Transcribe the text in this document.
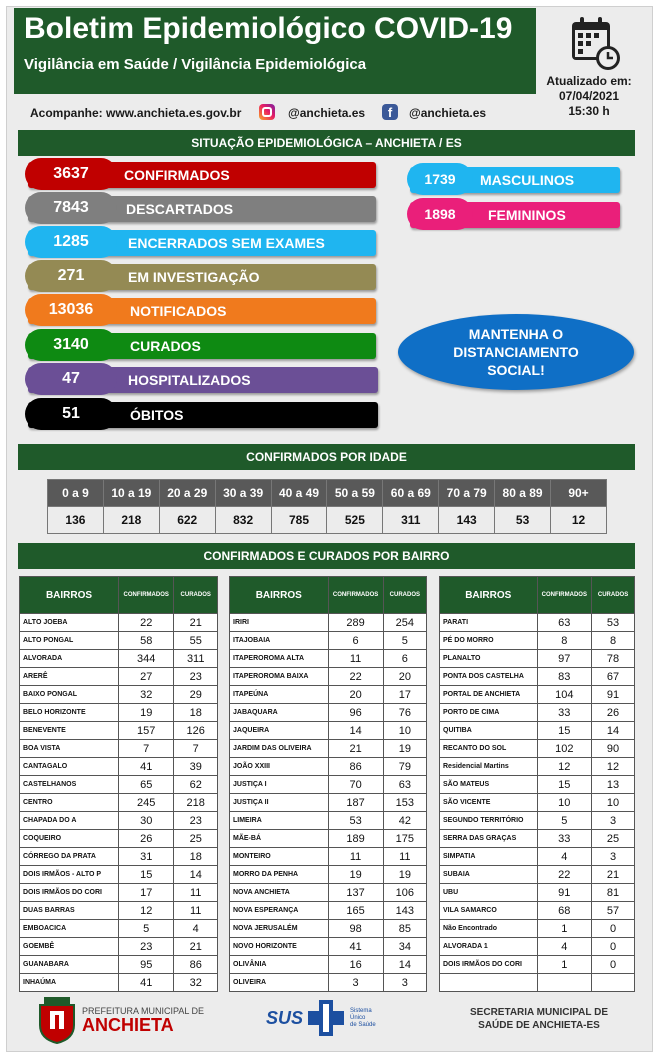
Boletim Epidemiológico COVID-19
Vigilância em Saúde / Vigilância Epidemiológica
Atualizado em:
07/04/2021
15:30 h
Acompanhe: www.anchieta.es.gov.br	@anchieta.es	f	@anchieta.es
SITUAÇÃO EPIDEMIOLÓGICA – ANCHIETA / ES
3637	CONFIRMADOS
7843	DESCARTADOS
1285	ENCERRADOS SEM EXAMES
271	EM INVESTIGAÇÃO
13036	NOTIFICADOS
3140	CURADOS
47	HOSPITALIZADOS
51	ÓBITOS
1739	MASCULINOS
1898	FEMININOS
MANTENHA O
DISTANCIAMENTO
SOCIAL!
CONFIRMADOS POR IDADE
0 a 9	10 a 19	20 a 29	30 a 39	40 a 49	50 a 59	60 a 69	70 a 79	80 a 89	90+
136	218	622	832	785	525	311	143	53	12
CONFIRMADOS E CURADOS POR BAIRRO
BAIRROS	CONFIRMADOS	CURADOS
ALTO JOEBA	22	21
ALTO PONGAL	58	55
ALVORADA	344	311
ARERÊ	27	23
BAIXO PONGAL	32	29
BELO HORIZONTE	19	18
BENEVENTE	157	126
BOA VISTA	7	7
CANTAGALO	41	39
CASTELHANOS	65	62
CENTRO	245	218
CHAPADA DO A	30	23
COQUEIRO	26	25
CÓRREGO DA PRATA	31	18
DOIS IRMÃOS - ALTO P	15	14
DOIS IRMÃOS DO CORI	17	11
DUAS BARRAS	12	11
EMBOACICA	5	4
GOEMBÊ	23	21
GUANABARA	95	86
INHAÚMA	41	32
BAIRROS	CONFIRMADOS	CURADOS
IRIRI	289	254
ITAJOBAIA	6	5
ITAPEROROMA ALTA	11	6
ITAPEROROMA BAIXA	22	20
ITAPEÚNA	20	17
JABAQUARA	96	76
JAQUEIRA	14	10
JARDIM DAS OLIVEIRA	21	19
JOÃO XXIII	86	79
JUSTIÇA I	70	63
JUSTIÇA II	187	153
LIMEIRA	53	42
MÃE-BÁ	189	175
MONTEIRO	11	11
MORRO DA PENHA	19	19
NOVA ANCHIETA	137	106
NOVA ESPERANÇA	165	143
NOVA JERUSALÉM	98	85
NOVO HORIZONTE	41	34
OLIVÂNIA	16	14
OLIVEIRA	3	3
BAIRROS	CONFIRMADOS	CURADOS
PARATI	63	53
PÉ DO MORRO	8	8
PLANALTO	97	78
PONTA DOS CASTELHA	83	67
PORTAL DE ANCHIETA	104	91
PORTO DE CIMA	33	26
QUITIBA	15	14
RECANTO DO SOL	102	90
Residencial Martins	12	12
SÃO MATEUS	15	13
SÃO VICENTE	10	10
SEGUNDO TERRITÓRIO	5	3
SERRA DAS GRAÇAS	33	25
SIMPATIA	4	3
SUBAIA	22	21
UBU	91	81
VILA SAMARCO	68	57
Não Encontrado	1	0
ALVORADA 1	4	0
DOIS IRMÃOS DO CORI	1	0

PREFEITURA MUNICIPAL DE
ANCHIETA	SUS	Sistema
Único
de Saúde
SECRETARIA MUNICIPAL DE
SAÚDE DE ANCHIETA-ES
